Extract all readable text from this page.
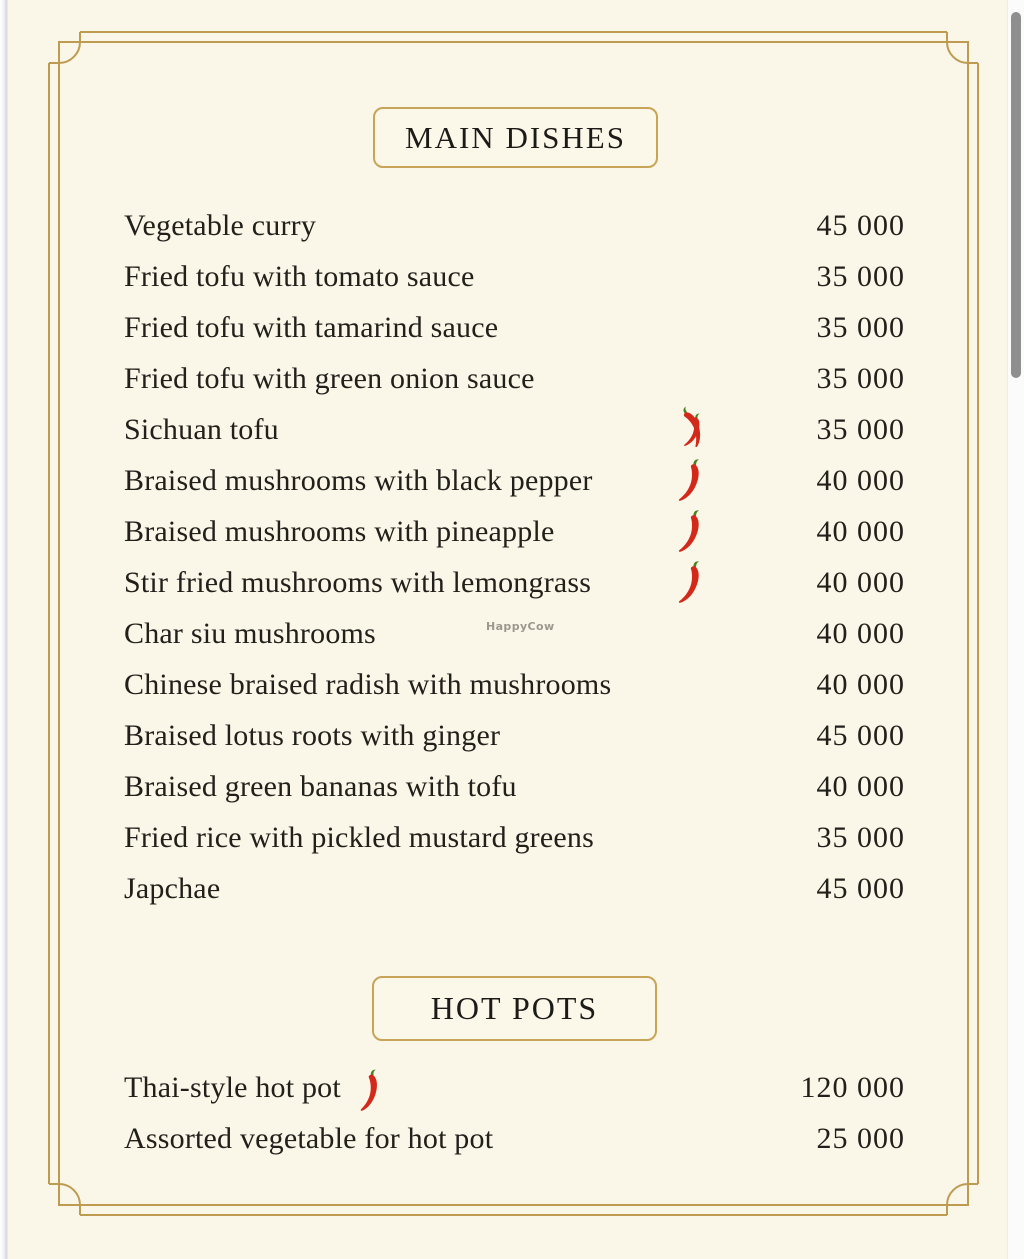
MAIN DISHES
Vegetable curry	45 000
Fried tofu with tomato sauce	35 000
Fried tofu with tamarind sauce	35 000
Fried tofu with green onion sauce	35 000
Sichuan tofu	35 000
Braised mushrooms with black pepper	40 000
Braised mushrooms with pineapple	40 000
Stir fried mushrooms with lemongrass	40 000
Char siu mushrooms	40 000
Chinese braised radish with mushrooms	40 000
Braised lotus roots with ginger	45 000
Braised green bananas with tofu	40 000
Fried rice with pickled mustard greens	35 000
Japchae	45 000
HappyCow
HOT POTS
Thai-style hot pot	120 000
Assorted vegetable for hot pot	25 000
